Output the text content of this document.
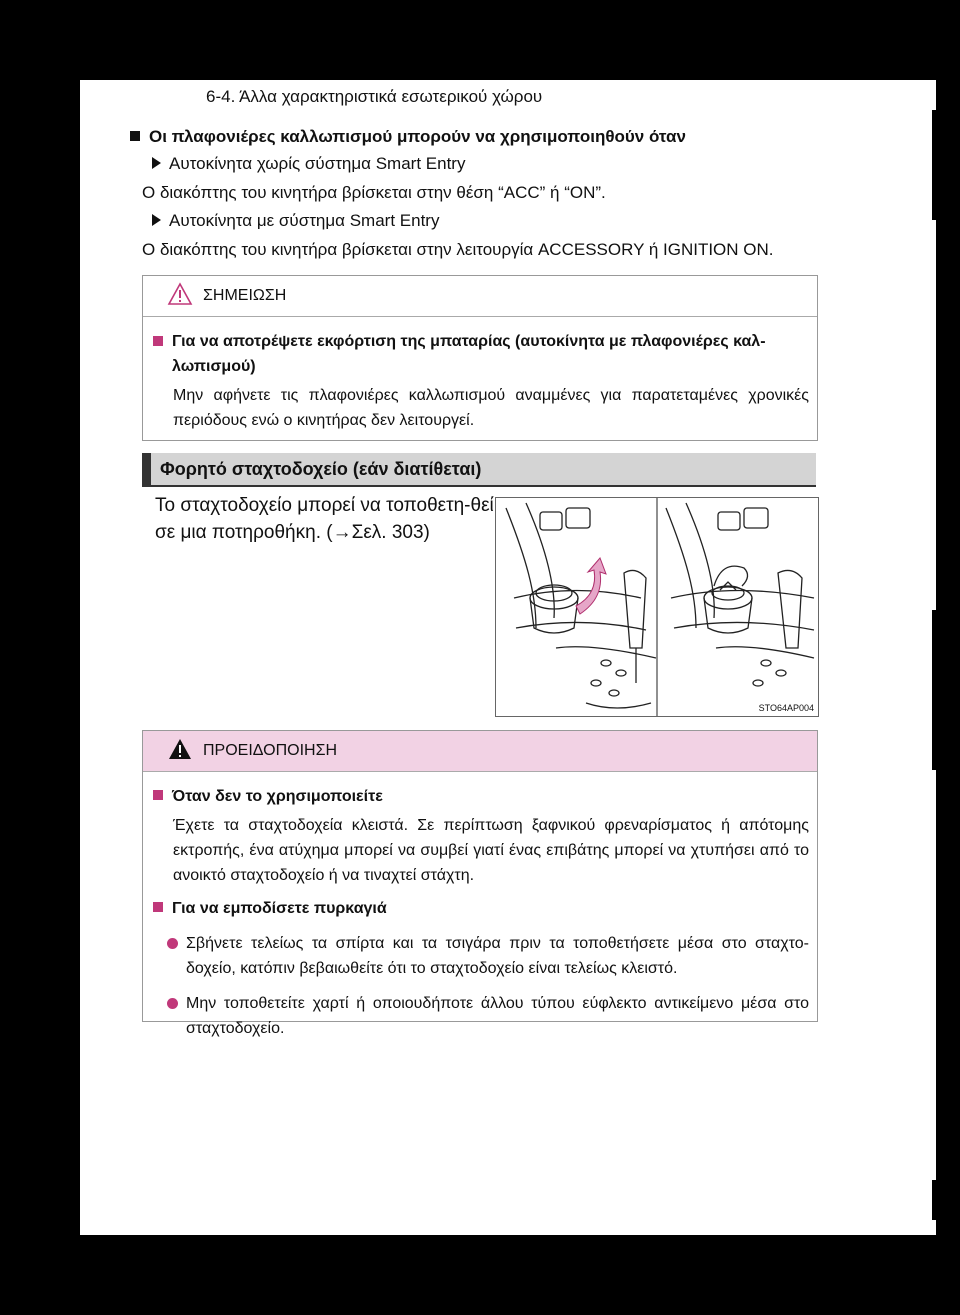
6-4. Άλλα χαρακτηριστικά εσωτερικού χώρου
Οι πλαφονιέρες καλλωπισμού μπορούν να χρησιμοποιηθούν όταν
Αυτοκίνητα χωρίς σύστημα Smart Entry
Ο διακόπτης του κινητήρα βρίσκεται στην θέση “ACC” ή “ON”.
Αυτοκίνητα με σύστημα Smart Entry
Ο διακόπτης του κινητήρα βρίσκεται στην λειτουργία ACCESSORY ή IGNITION ON.
ΣΗΜΕΙΩΣΗ
Για να αποτρέψετε εκφόρτιση της μπαταρίας (αυτοκίνητα με πλαφονιέρες καλ-λωπισμού)
Μην αφήνετε τις πλαφονιέρες καλλωπισμού αναμμένες για παρατεταμένες χρονικές περιόδους ενώ ο κινητήρας δεν λειτουργεί.
Φορητό σταχτοδοχείο (εάν διατίθεται)
Το σταχτοδοχείο μπορεί να τοποθετη-θεί σε μια ποτηροθήκη. (→Σελ. 303)
STO64AP004
ΠΡΟΕΙΔΟΠΟΙΗΣΗ
Όταν δεν το χρησιμοποιείτε
Έχετε τα σταχτοδοχεία κλειστά. Σε περίπτωση ξαφνικού φρεναρίσματος ή απότομης εκτροπής, ένα ατύχημα μπορεί να συμβεί γιατί ένας επιβάτης μπορεί να χτυπήσει από το ανοικτό σταχτοδοχείο ή να τιναχτεί στάχτη.
Για να εμποδίσετε πυρκαγιά
Σβήνετε τελείως τα σπίρτα και τα τσιγάρα πριν τα τοποθετήσετε μέσα στο σταχτο-δοχείο, κατόπιν βεβαιωθείτε ότι το σταχτοδοχείο είναι τελείως κλειστό.
Μην τοποθετείτε χαρτί ή οποιουδήποτε άλλου τύπου εύφλεκτο αντικείμενο μέσα στο σταχτοδοχείο.
